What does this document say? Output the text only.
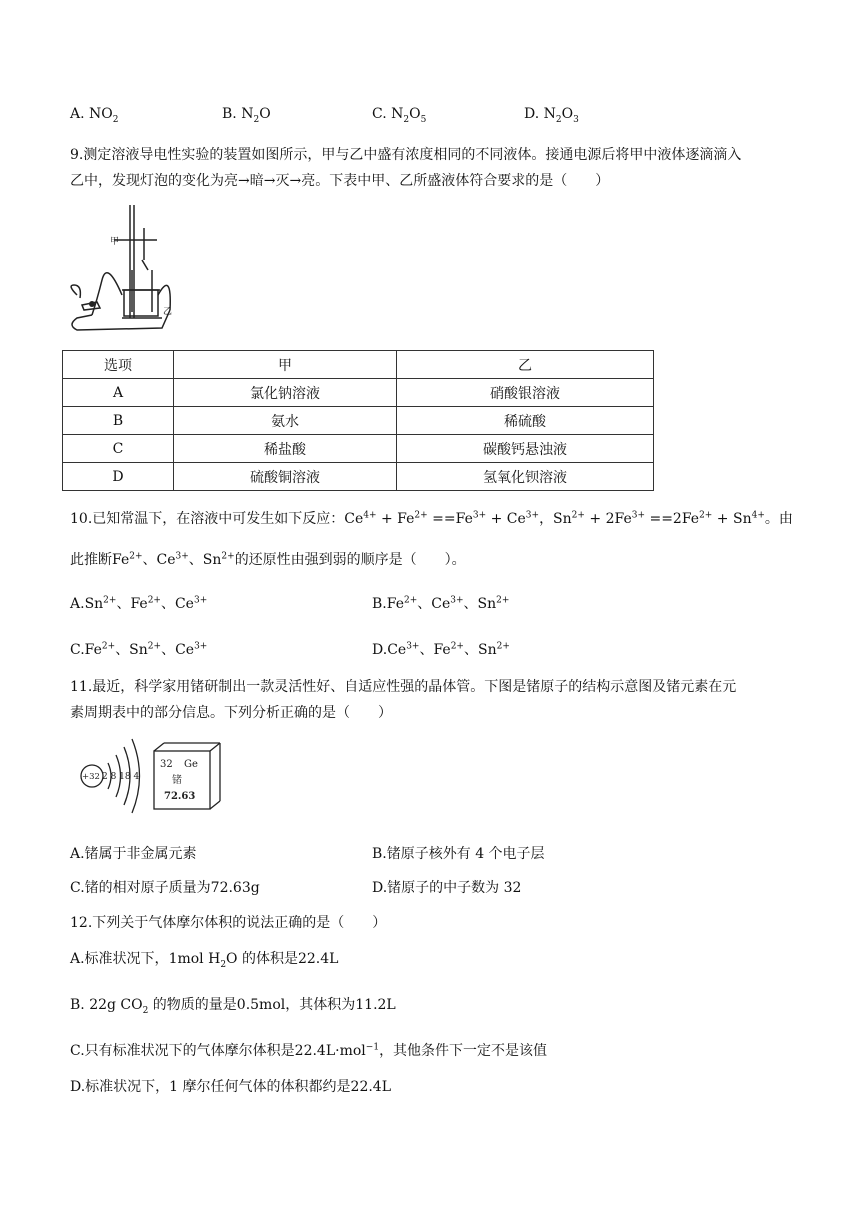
A. $NO_2$	B. $N_2O$	C. $N_2O_5$	D. $N_2O_3$
9.测定溶液导电性实验的装置如图所示，甲与乙中盛有浓度相同的不同液体。接通电源后将甲中液体逐滴滴入
乙中，发现灯泡的变化为亮→暗→灭→亮。下表中甲、乙所盛液体符合要求的是（　　）
甲
乙
选项	甲	乙
A	氯化钠溶液	硝酸银溶液
B	氨水	稀硫酸
C	稀盐酸	碳酸钙悬浊液
D	硫酸铜溶液	氢氧化钡溶液
10.已知常温下，在溶液中可发生如下反应：$Ce^{4+} + Fe^{2+} ==Fe^{3+} + Ce^{3+}$，$Sn^{2+} + 2Fe^{3+} ==2Fe^{2+} + Sn^{4+}$。由
此推断$Fe^{2+}$、$Ce^{3+}$、$Sn^{2+}$的还原性由强到弱的顺序是（　　）。
$A.Sn^{2+}$、$Fe^{2+}$、$Ce^{3+}$	$B.Fe^{2+}$、$Ce^{3+}$、$Sn^{2+}$
$C.Fe^{2+}$、$Sn^{2+}$、$Ce^{3+}$	$D.Ce^{3+}$、$Fe^{2+}$、$Sn^{2+}$
11.最近，科学家用锗研制出一款灵活性好、自适应性强的晶体管。下图是锗原子的结构示意图及锗元素在元
素周期表中的部分信息。下列分析正确的是（　　）
+32 2 8 18 4
32 Ge
锗
72.63
A.锗属于非金属元素	B.锗原子核外有 4 个电子层
C.锗的相对原子质量为72.63g	D.锗原子的中子数为 32
12.下列关于气体摩尔体积的说法正确的是（　　）
A.标准状况下，1mol $H_2O$ 的体积是22.4L
B. 22g $CO_2$ 的物质的量是0.5mol，其体积为11.2L
C.只有标准状况下的气体摩尔体积是22.4L·mol$^{-1}$，其他条件下一定不是该值
D.标准状况下，1 摩尔任何气体的体积都约是22.4L
